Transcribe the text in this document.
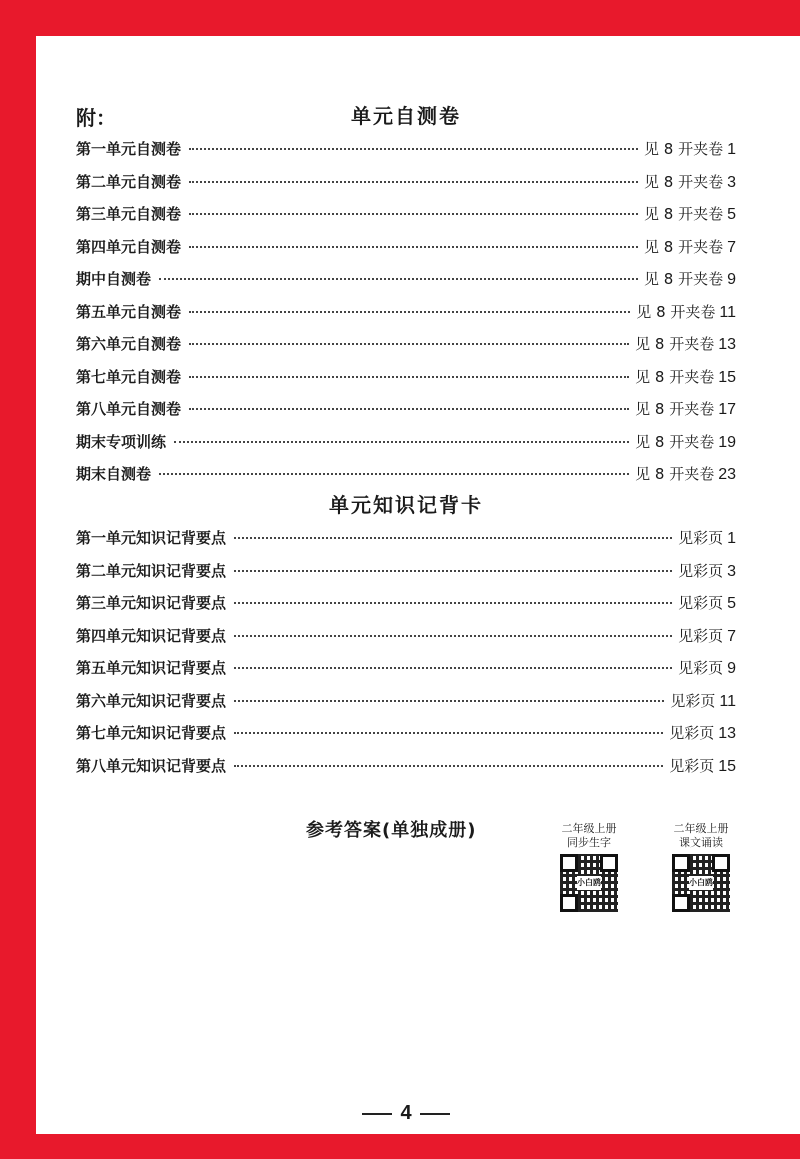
附：	单元自测卷
第一单元自测卷	见 8 开夹卷 1
第二单元自测卷	见 8 开夹卷 3
第三单元自测卷	见 8 开夹卷 5
第四单元自测卷	见 8 开夹卷 7
期中自测卷	见 8 开夹卷 9
第五单元自测卷	见 8 开夹卷 11
第六单元自测卷	见 8 开夹卷 13
第七单元自测卷	见 8 开夹卷 15
第八单元自测卷	见 8 开夹卷 17
期末专项训练	见 8 开夹卷 19
期末自测卷	见 8 开夹卷 23
单元知识记背卡
第一单元知识记背要点	见彩页 1
第二单元知识记背要点	见彩页 3
第三单元知识记背要点	见彩页 5
第四单元知识记背要点	见彩页 7
第五单元知识记背要点	见彩页 9
第六单元知识记背要点	见彩页 11
第七单元知识记背要点	见彩页 13
第八单元知识记背要点	见彩页 15
参考答案(单独成册)	二年级上册
同步生字
小白鸥
二年级上册
课文诵读
小白鸥
4
